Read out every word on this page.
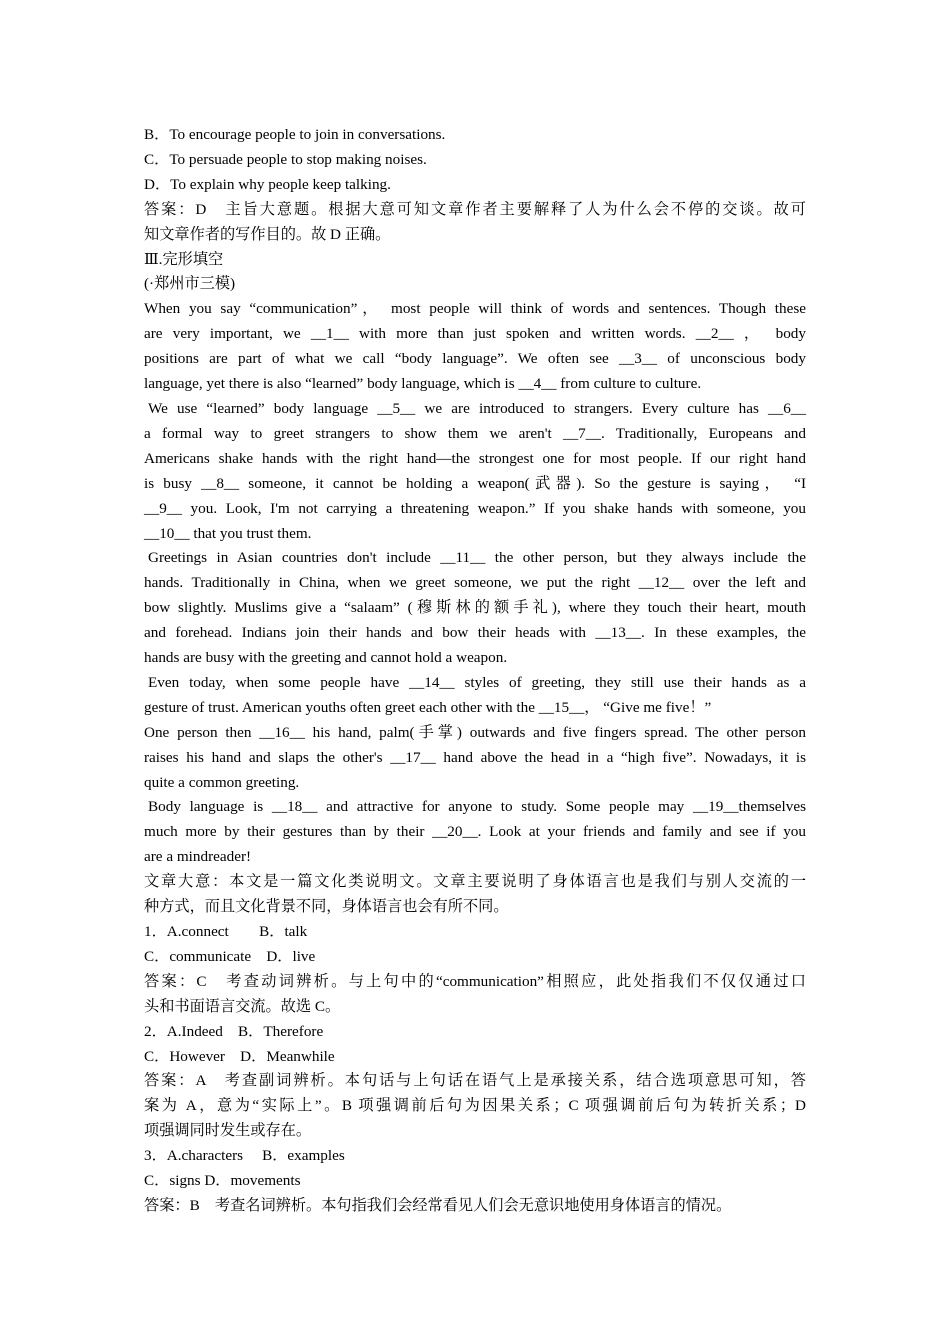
B．To encourage people to join in conversations.
C．To persuade people to stop making noises.
D．To explain why people keep talking.
答案：D　主旨大意题。根据大意可知文章作者主要解释了人为什么会不停的交谈。故可
知文章作者的写作目的。故 D 正确。
Ⅲ.完形填空
(·郑州市三模)
When you say “communication”， most people will think of words and sentences. Though these
are very important, we __1__ with more than just spoken and written words. __2__ ， body
positions are part of what we call “body language”. We often see __3__ of unconscious body
language, yet there is also “learned” body language, which is __4__ from culture to culture.
We use “learned” body language __5__ we are introduced to strangers. Every culture has __6__
a formal way to greet strangers to show them we aren't __7__. Traditionally, Europeans and
Americans shake hands with the right hand—the strongest one for most people. If our right hand
is busy __8__ someone, it cannot be holding a weapon(武器). So the gesture is saying， “I
__9__ you. Look, I'm not carrying a threatening weapon.” If you shake hands with someone, you
__10__ that you trust them.
Greetings in Asian countries don't include __11__ the other person, but they always include the
hands. Traditionally in China, when we greet someone, we put the right __12__ over the left and
bow slightly. Muslims give a “salaam” (穆斯林的额手礼), where they touch their heart, mouth
and forehead. Indians join their hands and bow their heads with __13__. In these examples, the
hands are busy with the greeting and cannot hold a weapon.
Even today, when some people have __14__ styles of greeting, they still use their hands as a
gesture of trust. American youths often greet each other with the __15__， “Give me five！”
One person then __16__ his hand, palm(手掌) outwards and five fingers spread. The other person
raises his hand and slaps the other's __17__ hand above the head in a “high five”. Nowadays, it is
quite a common greeting.
Body language is __18__ and attractive for anyone to study. Some people may __19__themselves
much more by their gestures than by their __20__. Look at your friends and family and see if you
are a mindreader!
文章大意：本文是一篇文化类说明文。文章主要说明了身体语言也是我们与别人交流的一
种方式，而且文化背景不同，身体语言也会有所不同。
1．A.connect　　B．talk
C．communicate　D．live
答案：C　考查动词辨析。与上句中的“communication”相照应，此处指我们不仅仅通过口
头和书面语言交流。故选 C。
2．A.Indeed　B．Therefore
C．However　D．Meanwhile
答案：A　考查副词辨析。本句话与上句话在语气上是承接关系，结合选项意思可知，答
案为 A，意为“实际上”。B 项强调前后句为因果关系；C 项强调前后句为转折关系；D
项强调同时发生或存在。
3．A.characters　 B．examples
C．signs D．movements
答案：B　考查名词辨析。本句指我们会经常看见人们会无意识地使用身体语言的情况。
